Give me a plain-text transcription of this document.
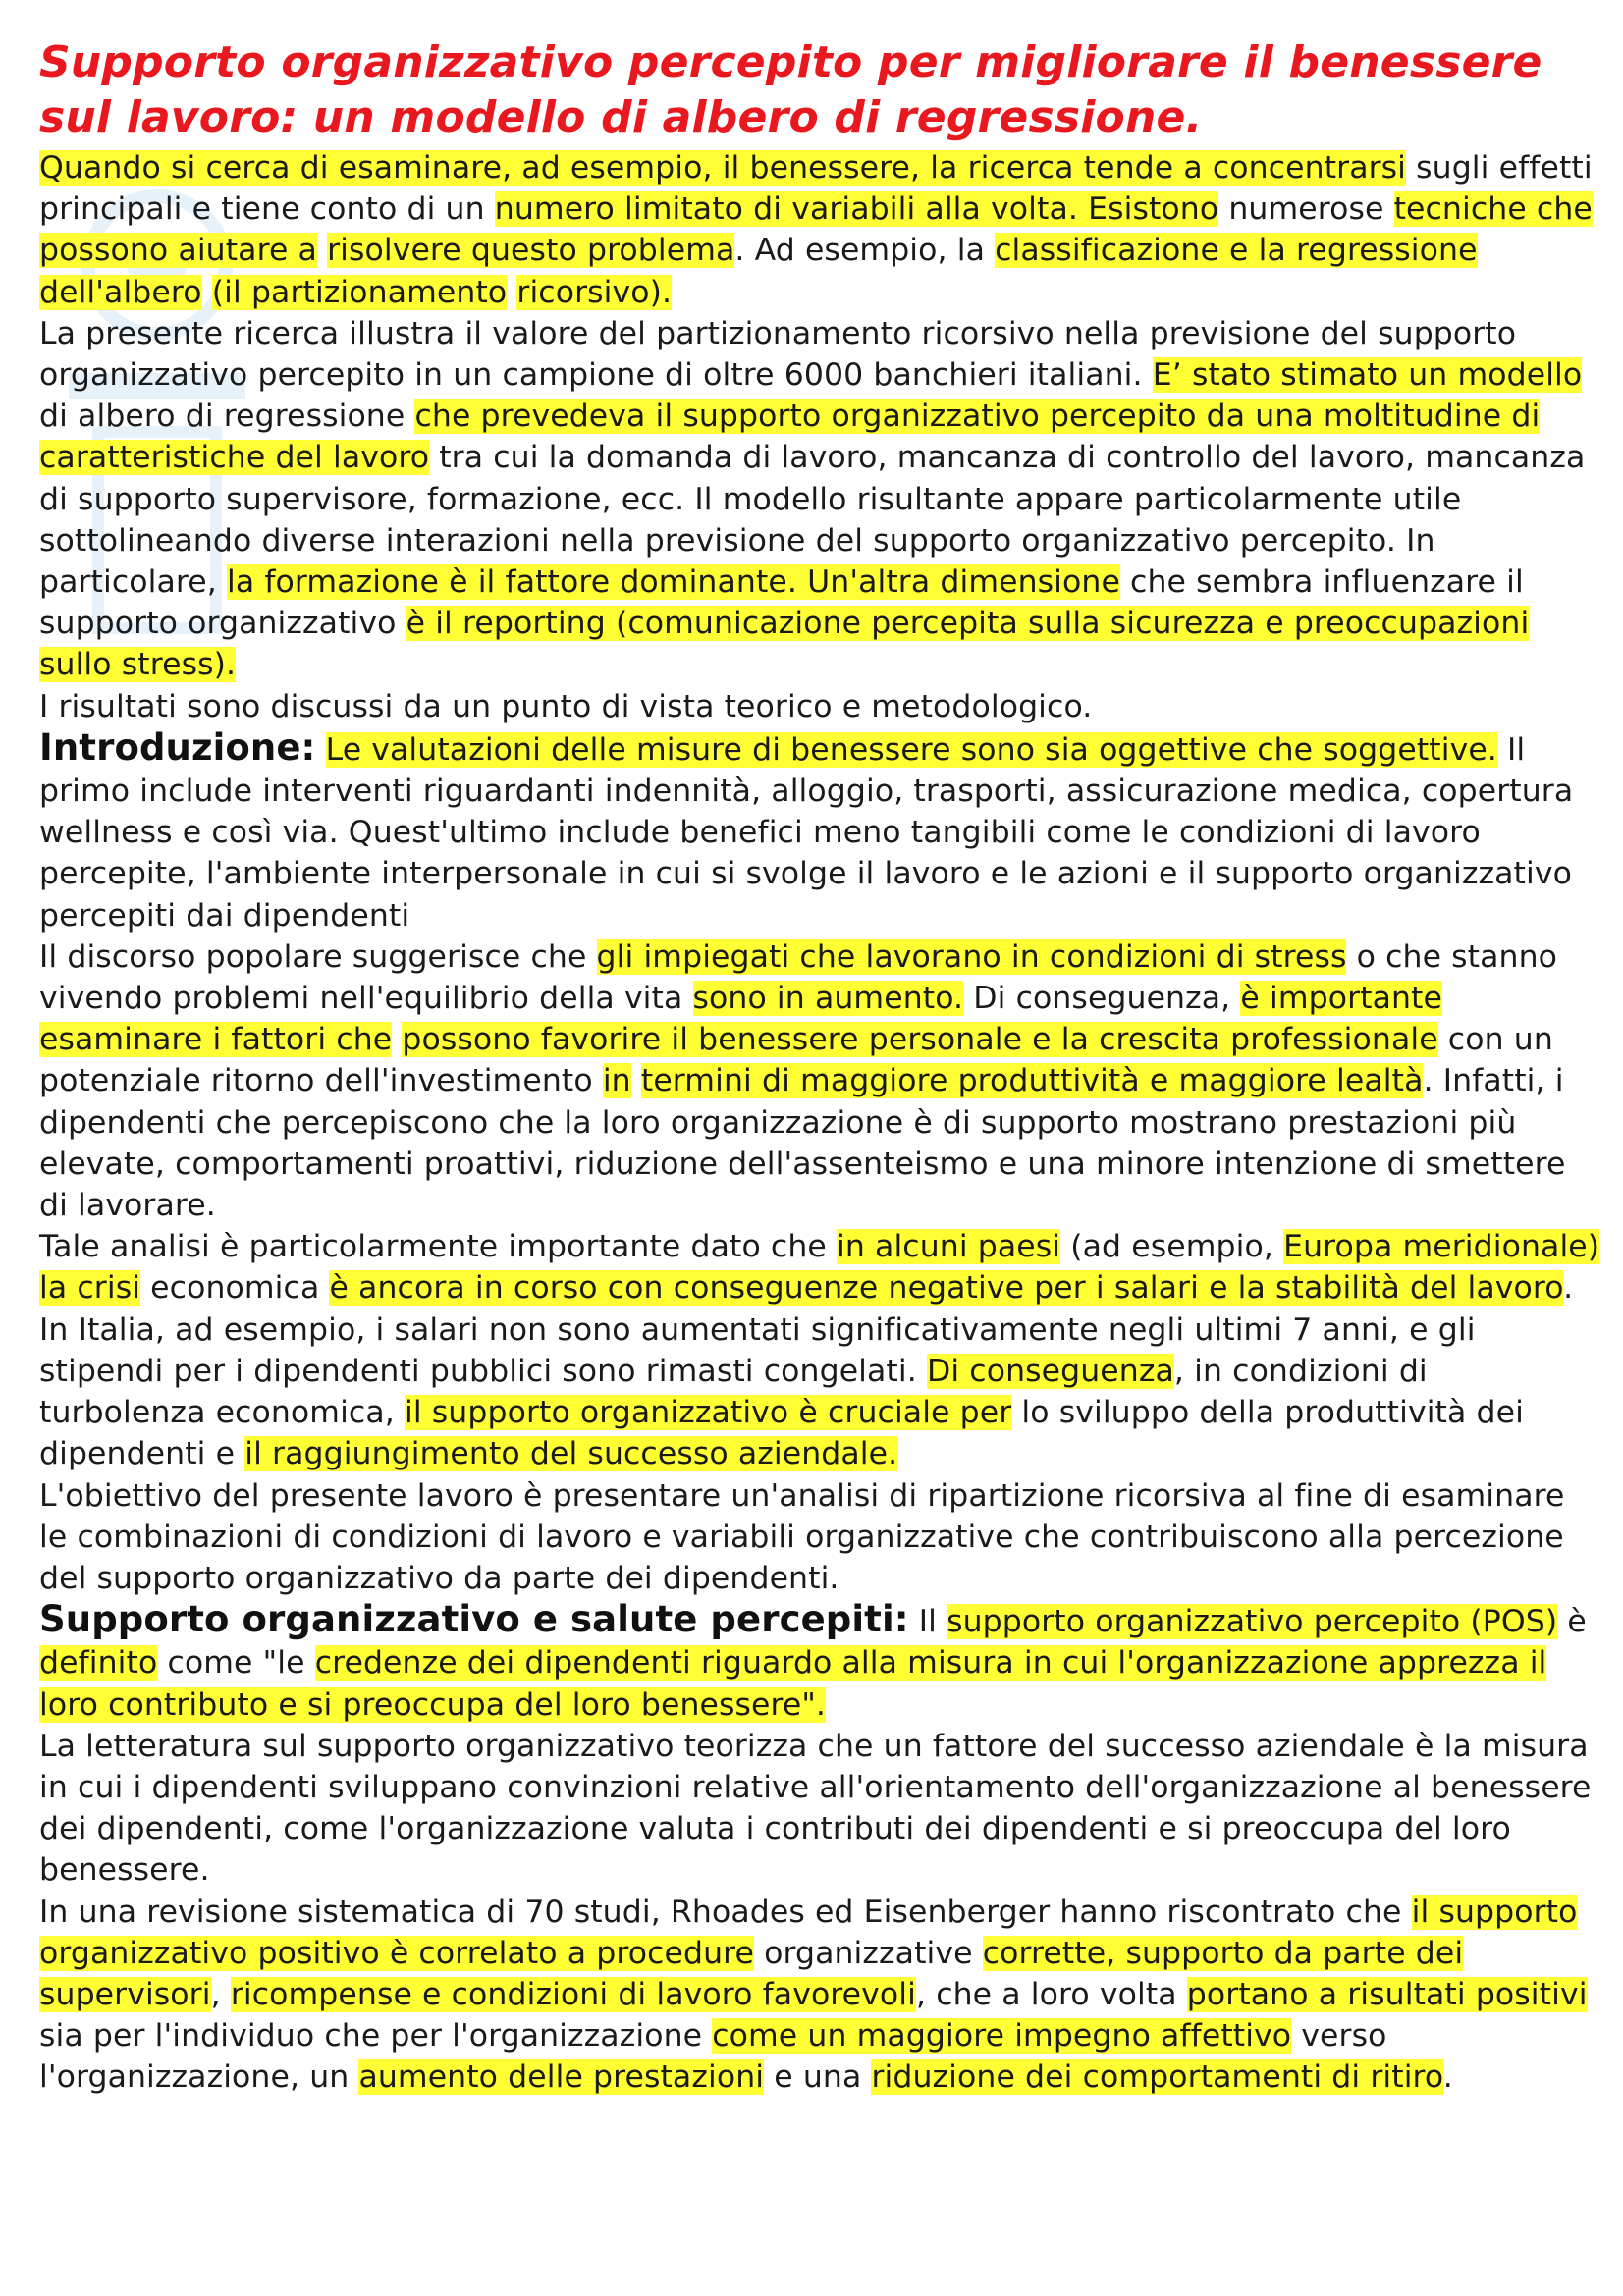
Supporto organizzativo percepito per migliorare il benessere
sul lavoro: un modello di albero di regressione.

Quando si cerca di esaminare, ad esempio, il benessere, la ricerca tende a concentrarsi sugli effetti principali e tiene conto di un numero limitato di variabili alla volta. Esistono numerose tecniche che possono aiutare a risolvere questo problema. Ad esempio, la classificazione e la regressione dell'albero (il partizionamento ricorsivo).

La presente ricerca illustra il valore del partizionamento ricorsivo nella previsione del supporto organizzativo percepito in un campione di oltre 6000 banchieri italiani. E’ stato stimato un modello di albero di regressione che prevedeva il supporto organizzativo percepito da una moltitudine di caratteristiche del lavoro tra cui la domanda di lavoro, mancanza di controllo del lavoro, mancanza di supporto supervisore, formazione, ecc. Il modello risultante appare particolarmente utile sottolineando diverse interazioni nella previsione del supporto organizzativo percepito. In particolare, la formazione è il fattore dominante. Un'altra dimensione che sembra influenzare il supporto organizzativo è il reporting (comunicazione percepita sulla sicurezza e preoccupazioni sullo stress).

I risultati sono discussi da un punto di vista teorico e metodologico.

Introduzione: Le valutazioni delle misure di benessere sono sia oggettive che soggettive. Il primo include interventi riguardanti indennità, alloggio, trasporti, assicurazione medica, copertura wellness e così via. Quest'ultimo include benefici meno tangibili come le condizioni di lavoro percepite, l'ambiente interpersonale in cui si svolge il lavoro e le azioni e il supporto organizzativo percepiti dai dipendenti

Il discorso popolare suggerisce che gli impiegati che lavorano in condizioni di stress o che stanno vivendo problemi nell'equilibrio della vita sono in aumento. Di conseguenza, è importante esaminare i fattori che possono favorire il benessere personale e la crescita professionale con un potenziale ritorno dell'investimento in termini di maggiore produttività e maggiore lealtà. Infatti, i dipendenti che percepiscono che la loro organizzazione è di supporto mostrano prestazioni più elevate, comportamenti proattivi, riduzione dell'assenteismo e una minore intenzione di smettere di lavorare.

Tale analisi è particolarmente importante dato che in alcuni paesi (ad esempio, Europa meridionale) la crisi economica è ancora in corso con conseguenze negative per i salari e la stabilità del lavoro.

In Italia, ad esempio, i salari non sono aumentati significativamente negli ultimi 7 anni, e gli stipendi per i dipendenti pubblici sono rimasti congelati. Di conseguenza, in condizioni di turbolenza economica, il supporto organizzativo è cruciale per lo sviluppo della produttività dei dipendenti e il raggiungimento del successo aziendale.

L'obiettivo del presente lavoro è presentare un'analisi di ripartizione ricorsiva al fine di esaminare le combinazioni di condizioni di lavoro e variabili organizzative che contribuiscono alla percezione del supporto organizzativo da parte dei dipendenti.

Supporto organizzativo e salute percepiti: Il supporto organizzativo percepito (POS) è definito come "le credenze dei dipendenti riguardo alla misura in cui l'organizzazione apprezza il loro contributo e si preoccupa del loro benessere".

La letteratura sul supporto organizzativo teorizza che un fattore del successo aziendale è la misura in cui i dipendenti sviluppano convinzioni relative all'orientamento dell'organizzazione al benessere dei dipendenti, come l'organizzazione valuta i contributi dei dipendenti e si preoccupa del loro benessere.

In una revisione sistematica di 70 studi, Rhoades ed Eisenberger hanno riscontrato che il supporto organizzativo positivo è correlato a procedure organizzative corrette, supporto da parte dei supervisori, ricompense e condizioni di lavoro favorevoli, che a loro volta portano a risultati positivi sia per l'individuo che per l'organizzazione come un maggiore impegno affettivo verso l'organizzazione, un aumento delle prestazioni e una riduzione dei comportamenti di ritiro.
